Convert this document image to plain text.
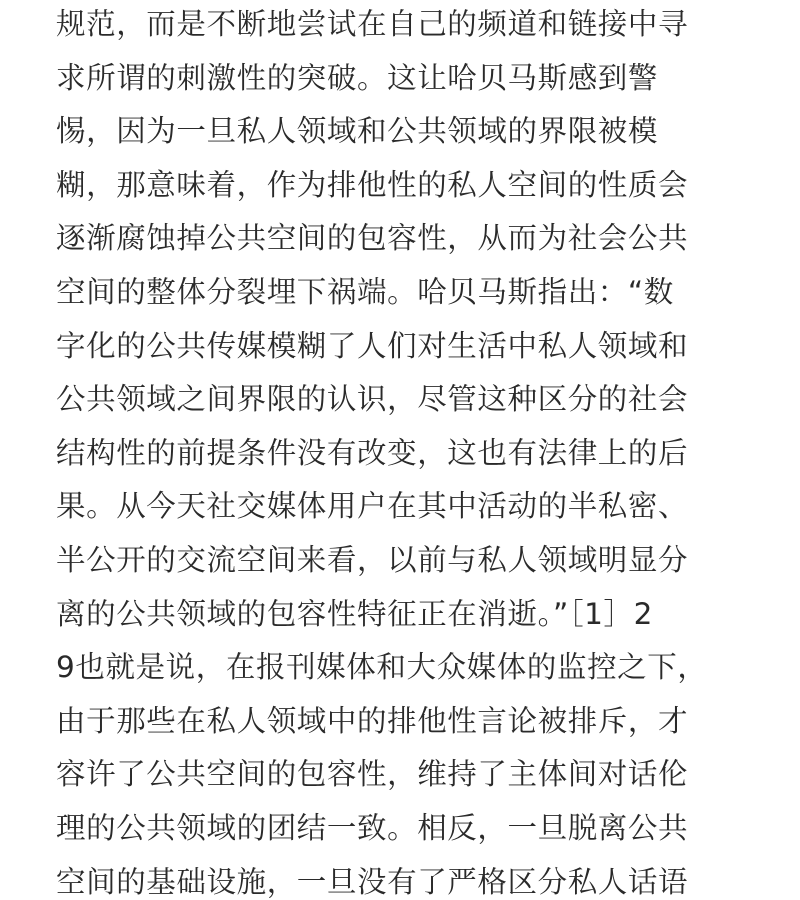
规范，而是不断地尝试在自己的频道和链接中寻
求所谓的刺激性的突破。这让哈贝马斯感到警
惕，因为一旦私人领域和公共领域的界限被模
糊，那意味着，作为排他性的私人空间的性质会
逐渐腐蚀掉公共空间的包容性，从而为社会公共
空间的整体分裂埋下祸端。哈贝马斯指出：“数
字化的公共传媒模糊了人们对生活中私人领域和
公共领域之间界限的认识，尽管这种区分的社会
结构性的前提条件没有改变，这也有法律上的后
果。从今天社交媒体用户在其中活动的半私密、
半公开的交流空间来看，以前与私人领域明显分
离的公共领域的包容性特征正在消逝。”［1］2
9也就是说，在报刊媒体和大众媒体的监控之下，
由于那些在私人领域中的排他性言论被排斥，才
容许了公共空间的包容性，维持了主体间对话伦
理的公共领域的团结一致。相反，一旦脱离公共
空间的基础设施，一旦没有了严格区分私人话语
